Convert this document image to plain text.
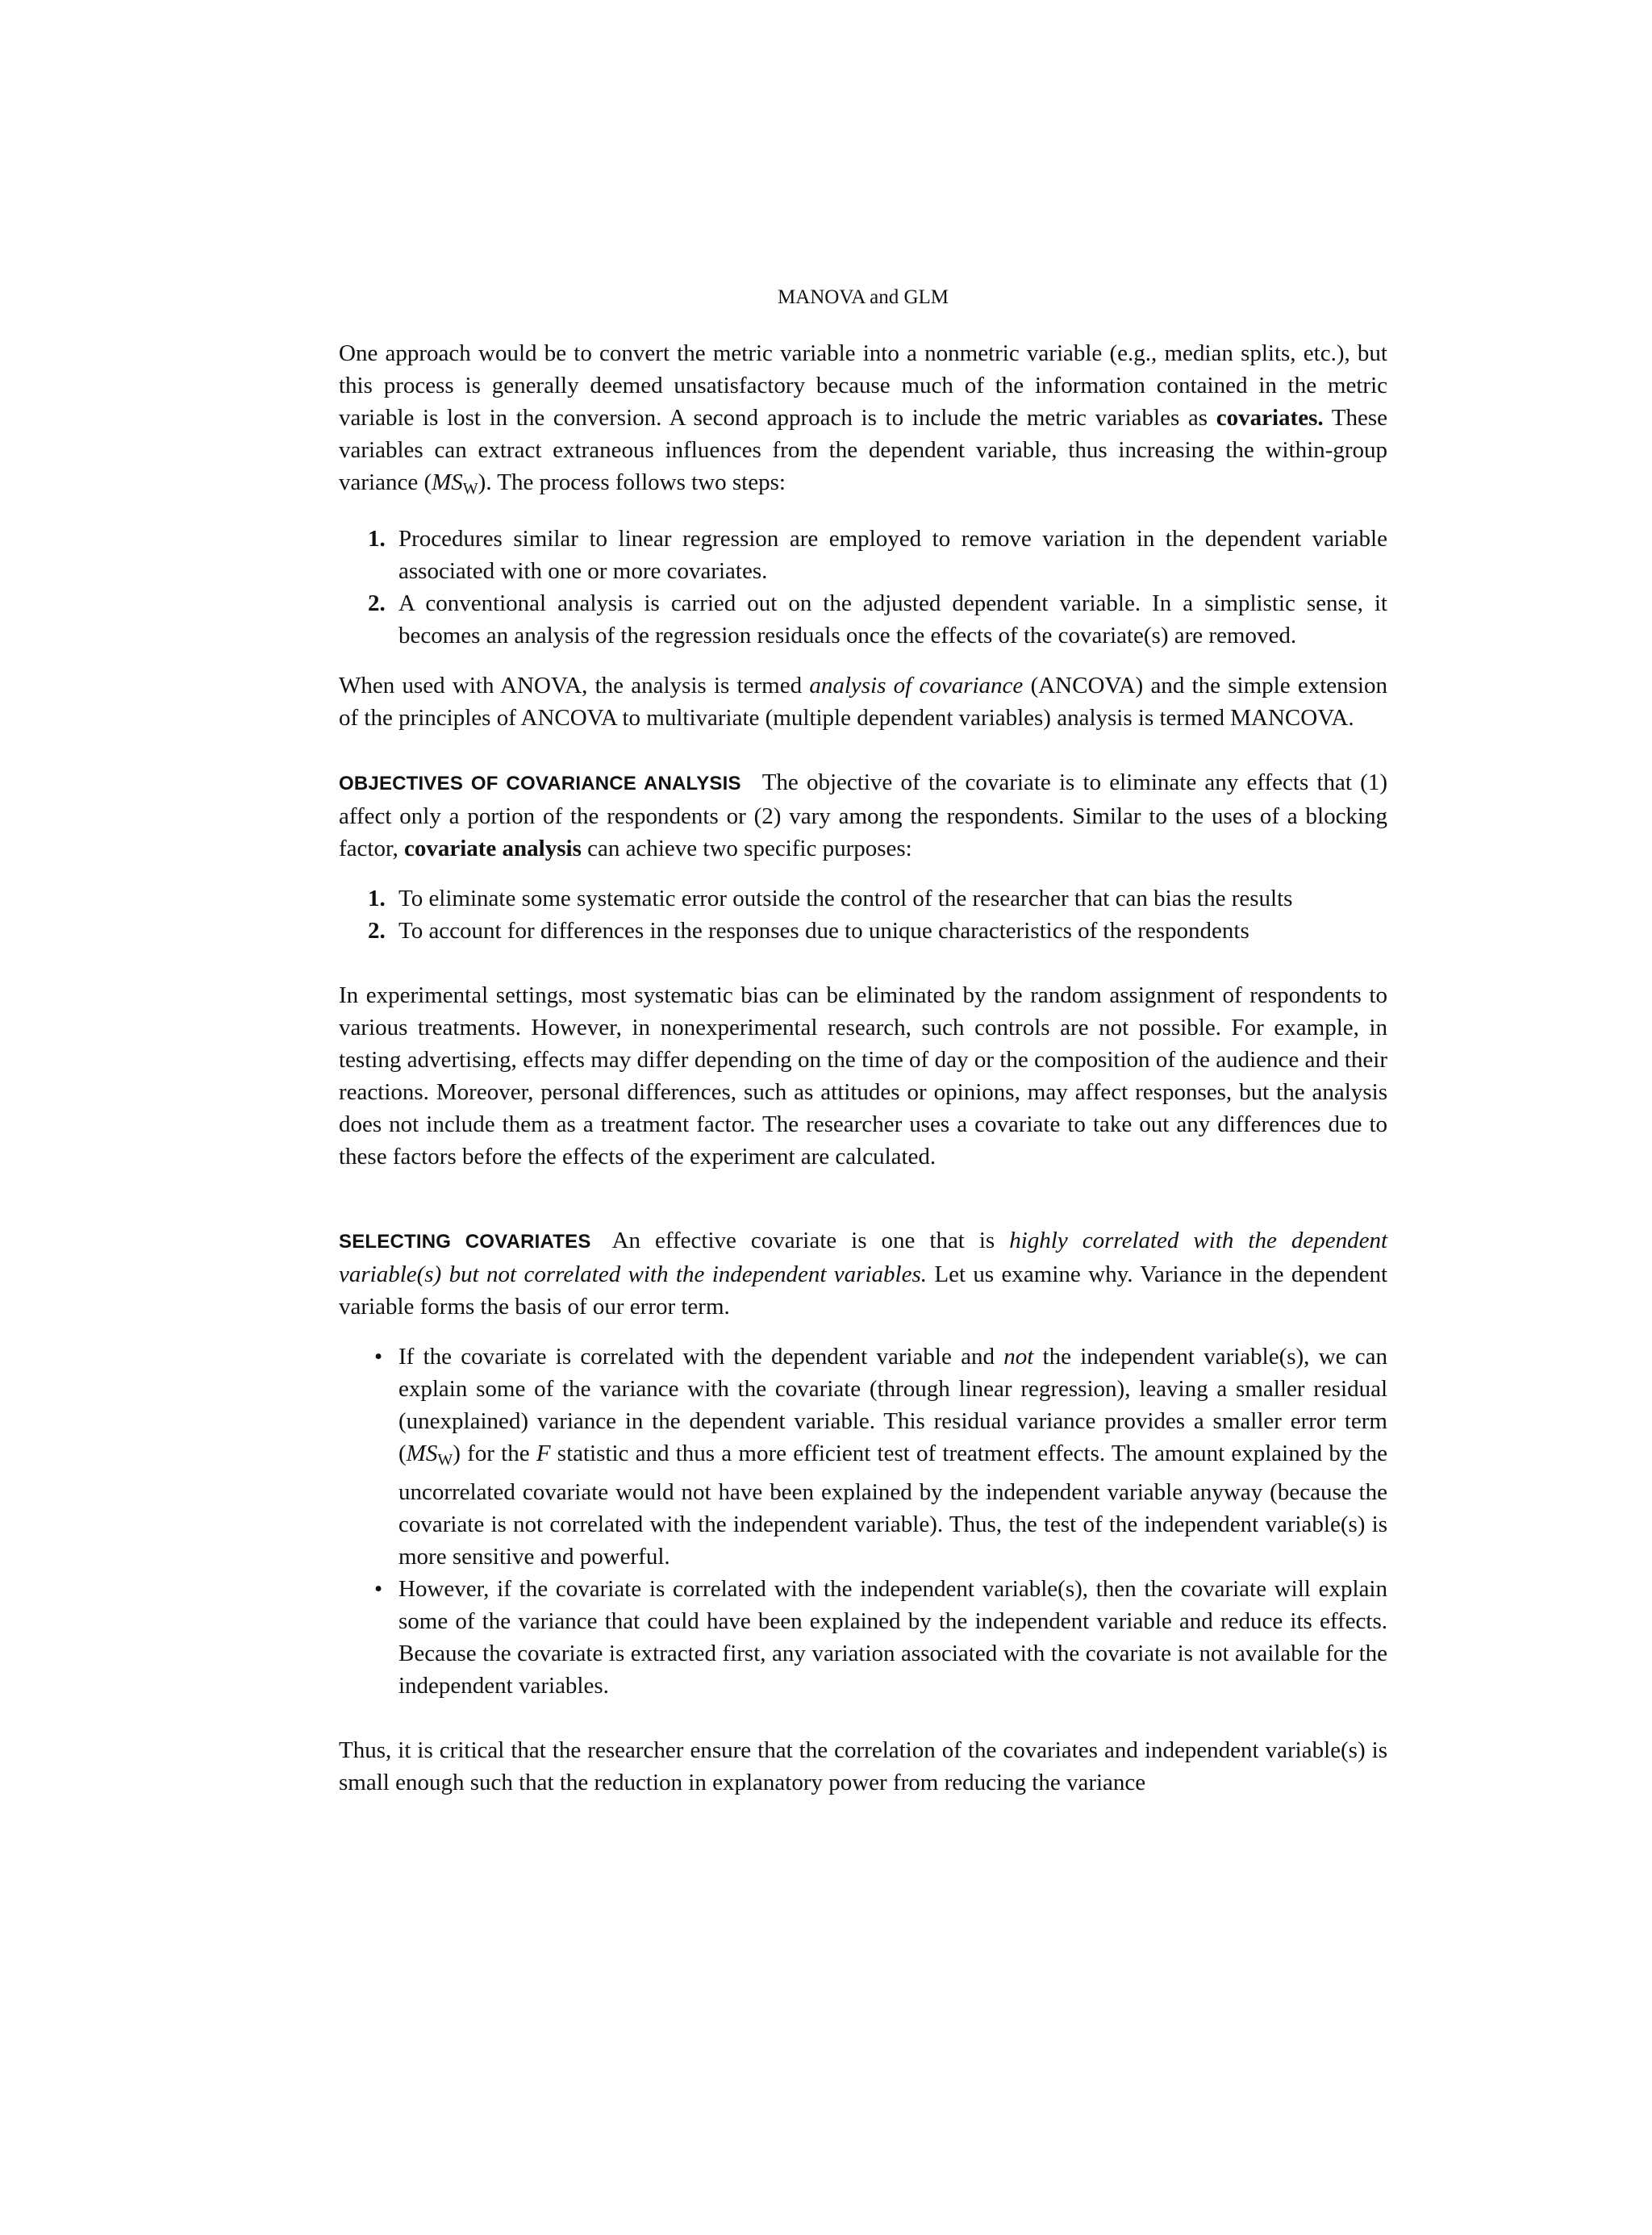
MANOVA and GLM

One approach would be to convert the metric variable into a nonmetric variable (e.g., median splits, etc.), but this process is generally deemed unsatisfactory because much of the information contained in the metric variable is lost in the conversion. A second approach is to include the metric variables as covariates. These variables can extract extraneous influences from the dependent variable, thus increasing the within-group variance $(MS_W)$. The process follows two steps:

1. Procedures similar to linear regression are employed to remove variation in the dependent variable associated with one or more covariates.
2. A conventional analysis is carried out on the adjusted dependent variable. In a simplistic sense, it becomes an analysis of the regression residuals once the effects of the covariate(s) are removed.

When used with ANOVA, the analysis is termed analysis of covariance (ANCOVA) and the simple extension of the principles of ANCOVA to multivariate (multiple dependent variables) analysis is termed MANCOVA.

OBJECTIVES OF COVARIANCE ANALYSIS The objective of the covariate is to eliminate any effects that (1) affect only a portion of the respondents or (2) vary among the respondents. Similar to the uses of a blocking factor, covariate analysis can achieve two specific purposes:

1. To eliminate some systematic error outside the control of the researcher that can bias the results
2. To account for differences in the responses due to unique characteristics of the respondents

In experimental settings, most systematic bias can be eliminated by the random assignment of respondents to various treatments. However, in nonexperimental research, such controls are not possible. For example, in testing advertising, effects may differ depending on the time of day or the composition of the audience and their reactions. Moreover, personal differences, such as attitudes or opinions, may affect responses, but the analysis does not include them as a treatment factor. The researcher uses a covariate to take out any differences due to these factors before the effects of the experiment are calculated.

SELECTING COVARIATES An effective covariate is one that is highly correlated with the dependent variable(s) but not correlated with the independent variables. Let us examine why. Variance in the dependent variable forms the basis of our error term.

• If the covariate is correlated with the dependent variable and not the independent variable(s), we can explain some of the variance with the covariate (through linear regression), leaving a smaller residual (unexplained) variance in the dependent variable. This residual variance provides a smaller error term $(MS_W)$ for the F statistic and thus a more efficient test of treatment effects. The amount explained by the uncorrelated covariate would not have been explained by the independent variable anyway (because the covariate is not correlated with the independent variable). Thus, the test of the independent variable(s) is more sensitive and powerful.
• However, if the covariate is correlated with the independent variable(s), then the covariate will explain some of the variance that could have been explained by the independent variable and reduce its effects. Because the covariate is extracted first, any variation associated with the covariate is not available for the independent variables.

Thus, it is critical that the researcher ensure that the correlation of the covariates and independent variable(s) is small enough such that the reduction in explanatory power from reducing the variance
